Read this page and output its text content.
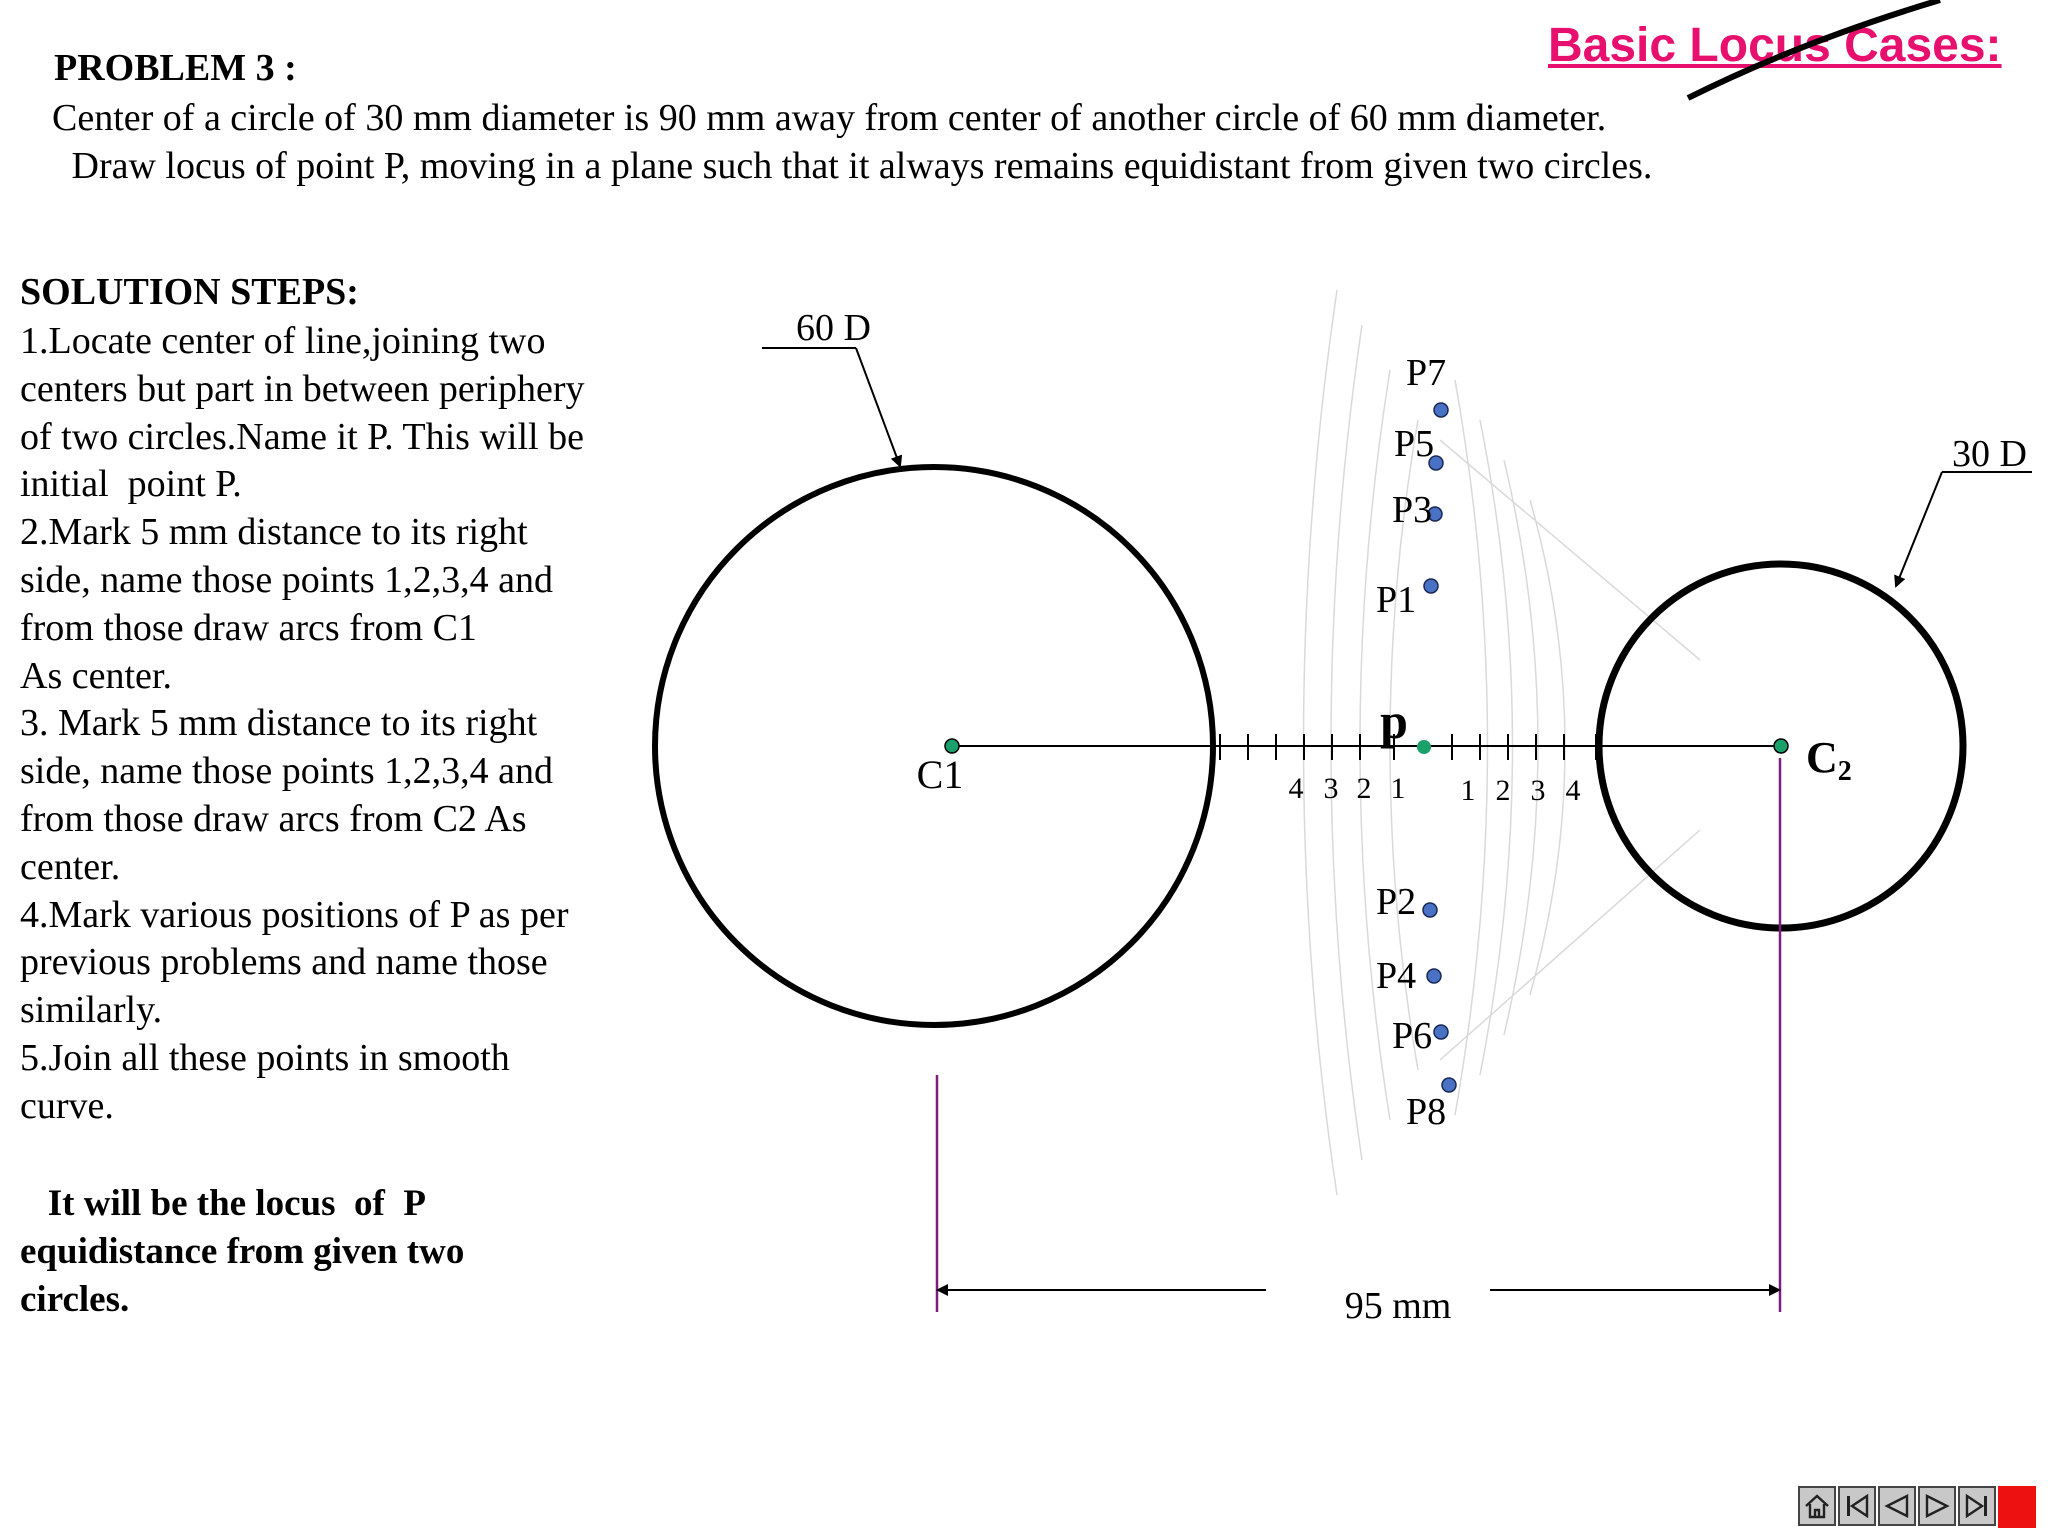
Basic Locus Cases:
PROBLEM 3 :
Center of a circle of 30 mm diameter is 90 mm away from center of another circle of 60 mm diameter.
Draw locus of point P, moving in a plane such that it always remains equidistant from given two circles.
SOLUTION STEPS:
1.Locate center of line,joining two
centers but part in between periphery
of two circles.Name it P. This will be
initial  point P.
2.Mark 5 mm distance to its right
side, name those points 1,2,3,4 and
from those draw arcs from C1
As center.
3. Mark 5 mm distance to its right
side, name those points 1,2,3,4 and
from those draw arcs from C2 As
center.
4.Mark various positions of P as per
previous problems and name those
similarly.
5.Join all these points in smooth
curve.
It will be the locus  of  P
equidistance from given two
circles.
4 3 2 1 1 2 3 4
C1	C2
p
P7
P5
P3
P1
P2
P4
P6
P8
60 D
30 D
95 mm
